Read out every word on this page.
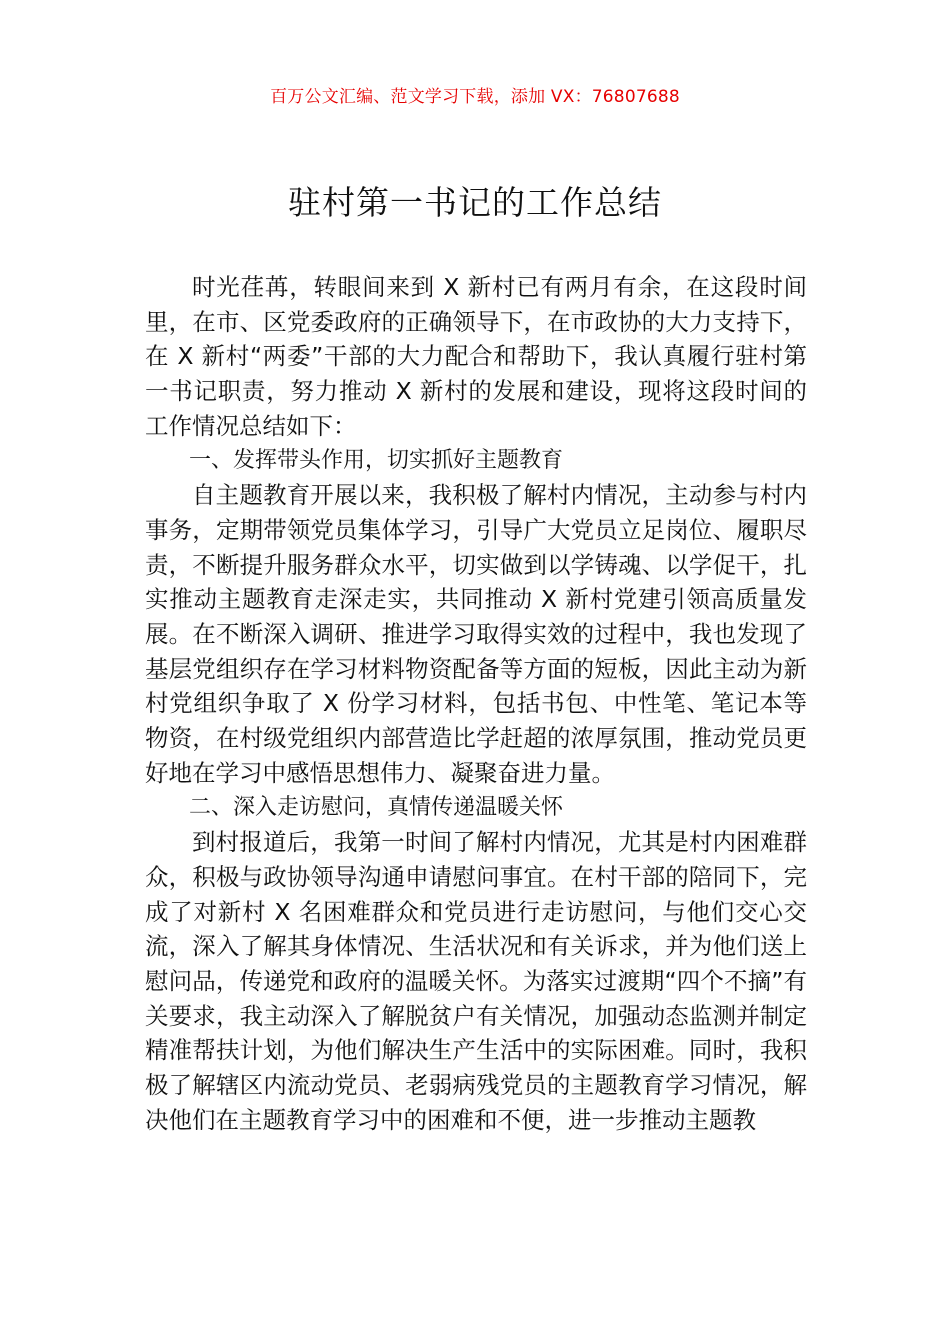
百万公文汇编、范文学习下载，添加 VX：76807688
驻村第一书记的工作总结

时光荏苒，转眼间来到 X 新村已有两月有余，在这段时间里，在市、区党委政府的正确领导下，在市政协的大力支持下，在 X 新村“两委”干部的大力配合和帮助下，我认真履行驻村第一书记职责，努力推动 X 新村的发展和建设，现将这段时间的工作情况总结如下：

一、发挥带头作用，切实抓好主题教育

自主题教育开展以来，我积极了解村内情况，主动参与村内事务，定期带领党员集体学习，引导广大党员立足岗位、履职尽责，不断提升服务群众水平，切实做到以学铸魂、以学促干，扎实推动主题教育走深走实，共同推动 X 新村党建引领高质量发展。在不断深入调研、推进学习取得实效的过程中，我也发现了基层党组织存在学习材料物资配备等方面的短板，因此主动为新村党组织争取了 X 份学习材料，包括书包、中性笔、笔记本等物资，在村级党组织内部营造比学赶超的浓厚氛围，推动党员更好地在学习中感悟思想伟力、凝聚奋进力量。

二、深入走访慰问，真情传递温暖关怀

到村报道后，我第一时间了解村内情况，尤其是村内困难群众，积极与政协领导沟通申请慰问事宜。在村干部的陪同下，完成了对新村 X 名困难群众和党员进行走访慰问，与他们交心交流，深入了解其身体情况、生活状况和有关诉求，并为他们送上慰问品，传递党和政府的温暖关怀。为落实过渡期“四个不摘”有关要求，我主动深入了解脱贫户有关情况，加强动态监测并制定精准帮扶计划，为他们解决生产生活中的实际困难。同时，我积极了解辖区内流动党员、老弱病残党员的主题教育学习情况，解决他们在主题教育学习中的困难和不便，进一步推动主题教
